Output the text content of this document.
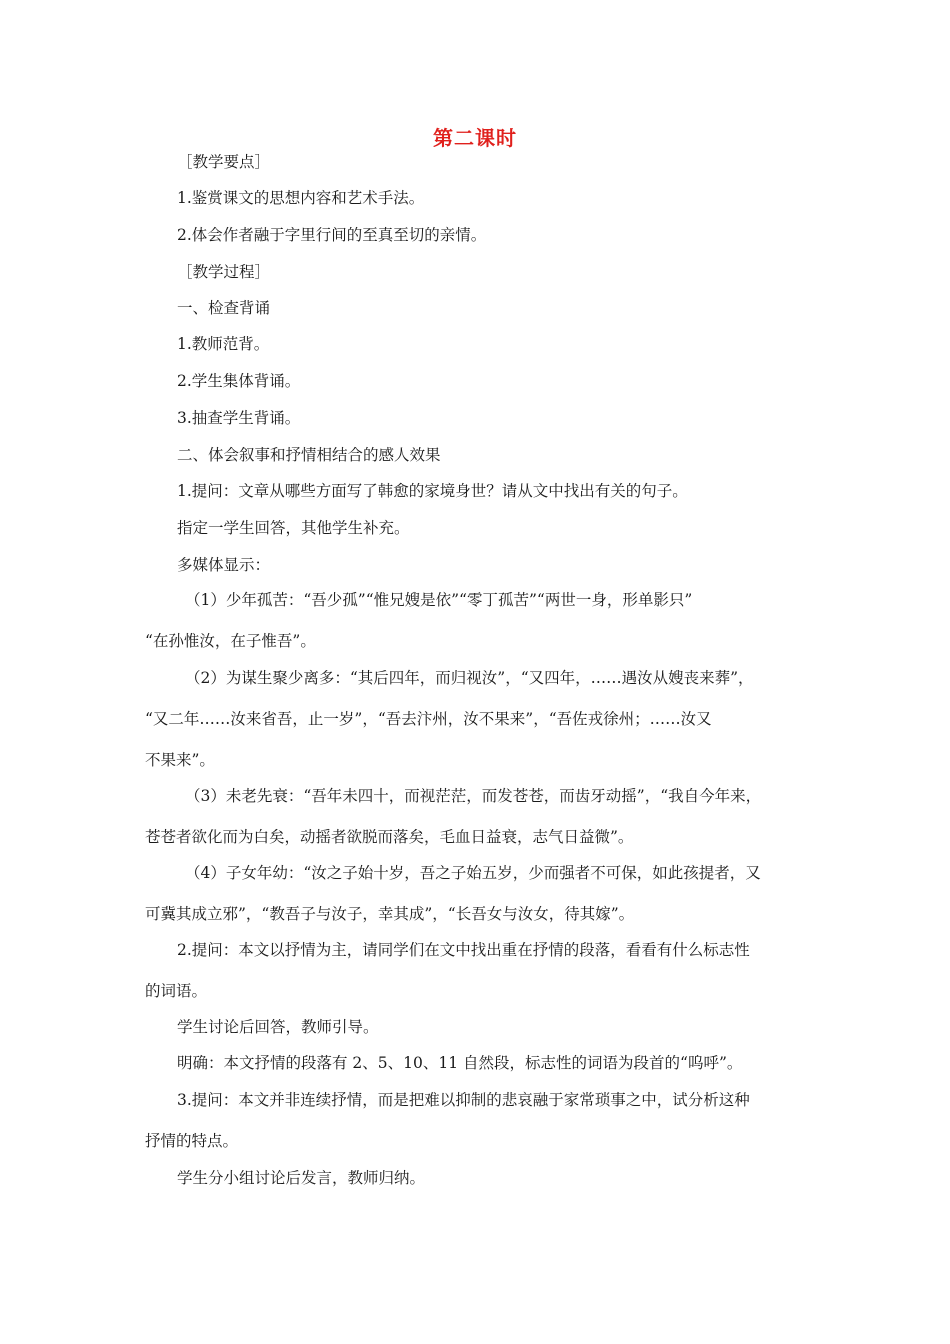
第二课时
［教学要点］
1.鉴赏课文的思想内容和艺术手法。
2.体会作者融于字里行间的至真至切的亲情。
［教学过程］
一、检查背诵
1.教师范背。
2.学生集体背诵。
3.抽查学生背诵。
二、体会叙事和抒情相结合的感人效果
1.提问：文章从哪些方面写了韩愈的家境身世？请从文中找出有关的句子。
指定一学生回答，其他学生补充。
多媒体显示：
（1）少年孤苦：“吾少孤”“惟兄嫂是依”“零丁孤苦”“两世一身，形单影只”
“在孙惟汝，在子惟吾”。
（2）为谋生聚少离多：“其后四年，而归视汝”，“又四年，……遇汝从嫂丧来葬”，
“又二年……汝来省吾，止一岁”，“吾去汴州，汝不果来”，“吾佐戎徐州；……汝又
不果来”。
（3）未老先衰：“吾年未四十，而视茫茫，而发苍苍，而齿牙动摇”，“我自今年来，
苍苍者欲化而为白矣，动摇者欲脱而落矣，毛血日益衰，志气日益微”。
（4）子女年幼：“汝之子始十岁，吾之子始五岁，少而强者不可保，如此孩提者，又
可冀其成立邪”，“教吾子与汝子，幸其成”，“长吾女与汝女，待其嫁”。
2.提问：本文以抒情为主，请同学们在文中找出重在抒情的段落，看看有什么标志性
的词语。
学生讨论后回答，教师引导。
明确：本文抒情的段落有 2、5、10、11 自然段，标志性的词语为段首的“呜呼”。
3.提问：本文并非连续抒情，而是把难以抑制的悲哀融于家常琐事之中，试分析这种
抒情的特点。
学生分小组讨论后发言，教师归纳。
